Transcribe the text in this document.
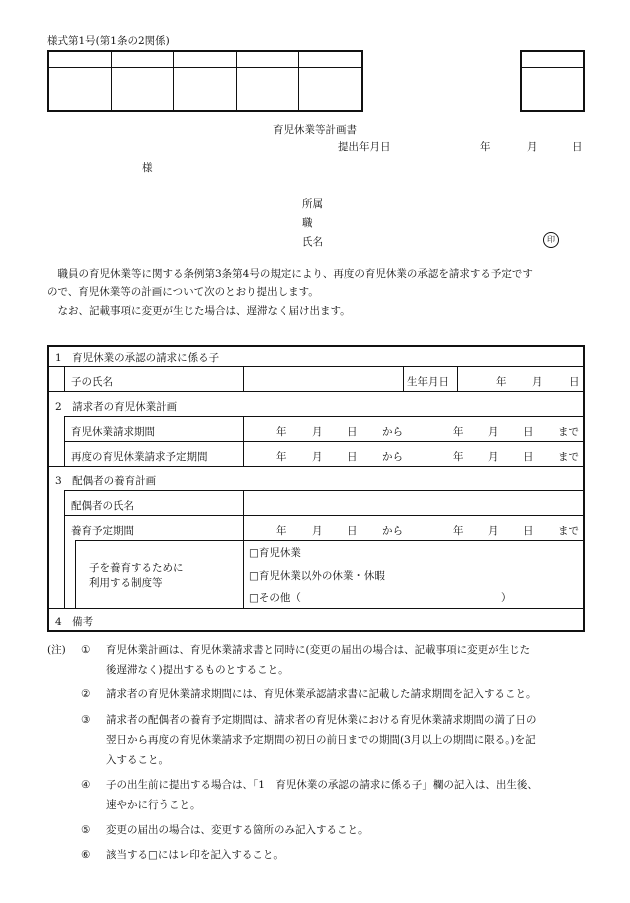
様式第1号(第1条の2関係)
育児休業等計画書
提出年月日	年	月	日
様
所属
職
氏名	印
職員の育児休業等に関する条例第3条第4号の規定により、再度の育児休業の承認を請求する予定です
ので、育児休業等の計画について次のとおり提出します。
なお、記載事項に変更が生じた場合は、遅滞なく届け出ます。
1　育児休業の承認の請求に係る子
子の氏名	生年月日	年 月	日
2　請求者の育児休業計画
育児休業請求期間	年 月 日 から	年 月 日 まで
再度の育児休業請求予定期間	年 月 日 から	年 月 日 まで
3　配偶者の養育計画
配偶者の氏名
養育予定期間	年 月 日 から	年 月 日 まで
子を養育するために
利用する制度等
□育児休業
□育児休業以外の休業・休暇
□その他（	）
4　備考
(注) ① 育児休業計画は、育児休業請求書と同時に(変更の届出の場合は、記載事項に変更が生じた
後遅滞なく)提出するものとすること。
② 請求者の育児休業請求期間には、育児休業承認請求書に記載した請求期間を記入すること。
③ 請求者の配偶者の養育予定期間は、請求者の育児休業における育児休業請求期間の満了日の
翌日から再度の育児休業請求予定期間の初日の前日までの期間(3月以上の期間に限る。)を記
入すること。
④ 子の出生前に提出する場合は、「1　育児休業の承認の請求に係る子」欄の記入は、出生後、
速やかに行うこと。
⑤ 変更の届出の場合は、変更する箇所のみ記入すること。
⑥ 該当する□にはレ印を記入すること。
